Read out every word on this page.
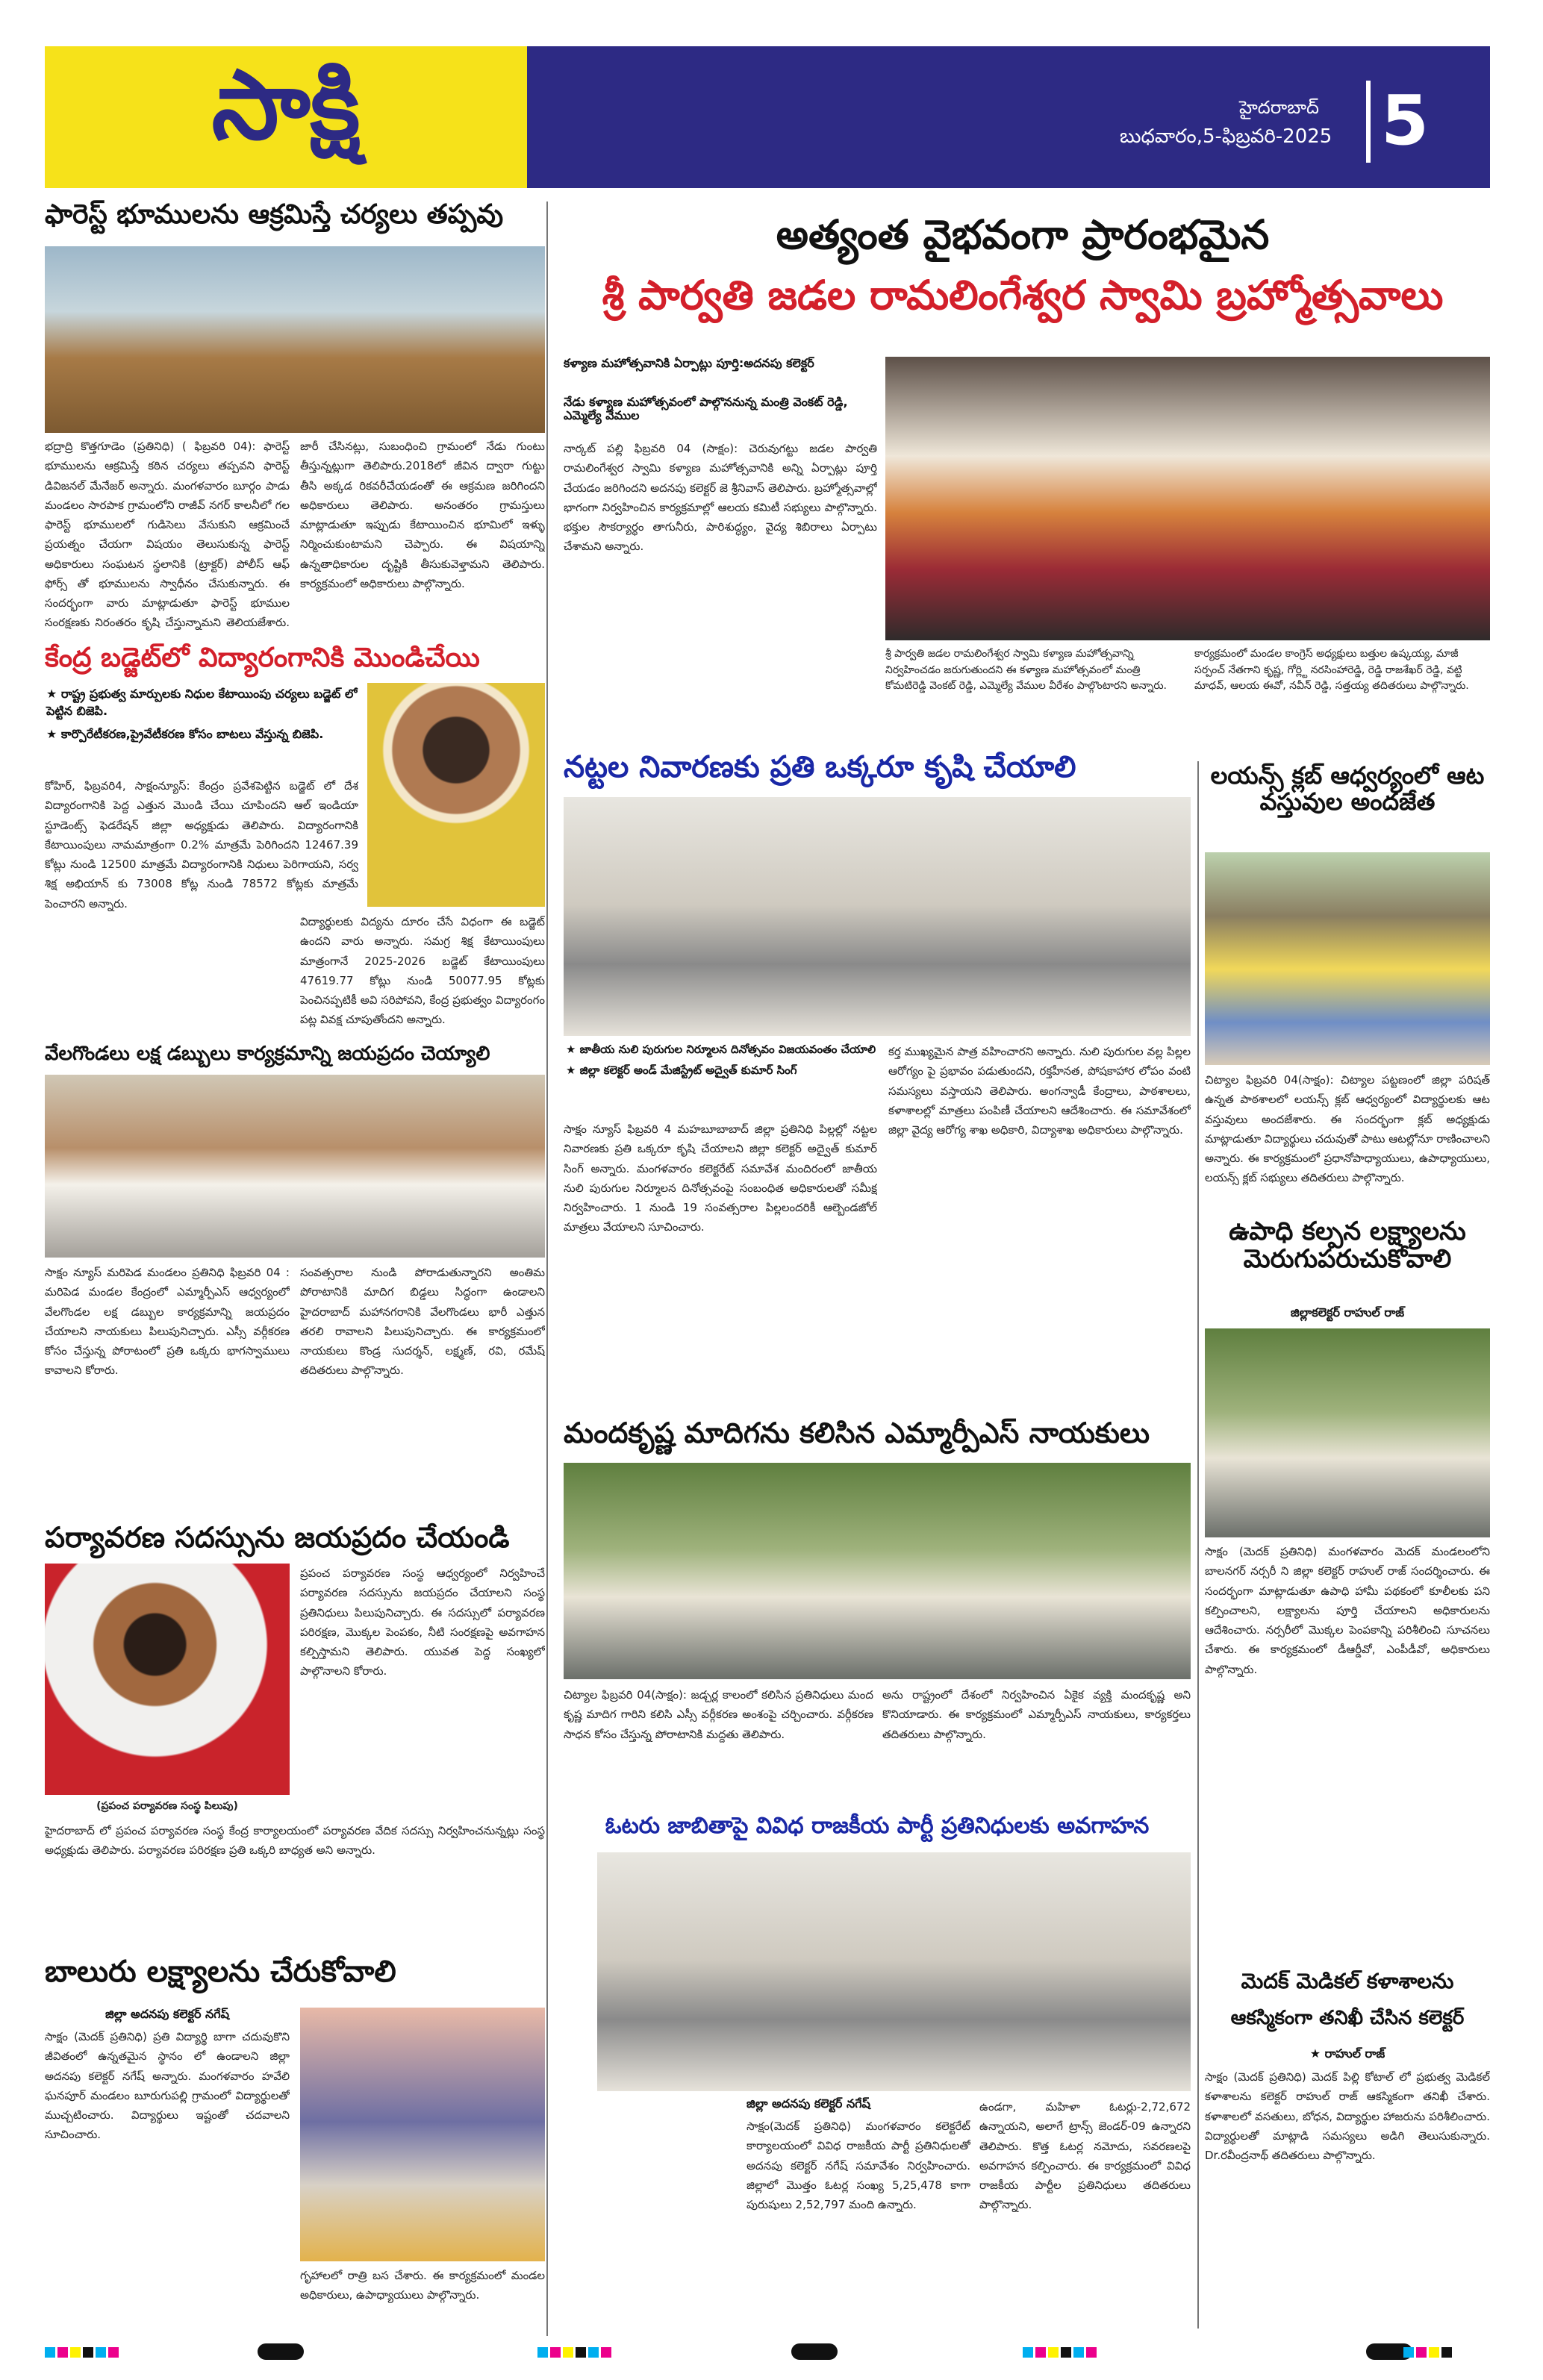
సాక్షి	హైదరాబాద్
బుధవారం,5-ఫిబ్రవరి-2025 5
ఫారెస్ట్ భూములను ఆక్రమిస్తే చర్యలు తప్పవు
భద్రాద్రి కొత్తగూడెం (ప్రతినిధి) ( ఫిబ్రవరి 04): ఫారెస్ట్ భూములను ఆక్రమిస్తే కఠిన చర్యలు తప్పవని ఫారెస్ట్ డివిజనల్ మేనేజర్ అన్నారు. మంగళవారం బూర్గం పాడు మండలం సారపాక గ్రామంలోని రాజీవ్ నగర్ కాలనీలో గల ఫారెస్ట్ భూములలో గుడిసెలు వేసుకుని ఆక్రమించే ప్రయత్నం చేయగా విషయం తెలుసుకున్న ఫారెస్ట్ అధికారులు సంఘటన స్థలానికి (ట్రాక్టర్) పోలీస్ ఆఫ్ ఫోర్స్ తో భూములను స్వాధీనం చేసుకున్నారు. ఈ సందర్భంగా వారు మాట్లాడుతూ ఫారెస్ట్ భూముల సంరక్షణకు నిరంతరం కృషి చేస్తున్నామని తెలియజేశారు.
జారీ చేసినట్లు, సుబంధించి గ్రామంలో నేడు గుంటు తీస్తున్నట్లుగా తెలిపారు.2018లో జీవిన ద్వారా గుట్టు తీసి అక్కడ రికవరీచేయడంతో ఈ ఆక్రమణ జరిగిందని అధికారులు తెలిపారు. అనంతరం గ్రామస్తులు మాట్లాడుతూ ఇప్పుడు కేటాయించిన భూమిలో ఇళ్ళు నిర్మించుకుంటామని చెప్పారు. ఈ విషయాన్ని ఉన్నతాధికారుల దృష్టికి తీసుకువెళ్తామని తెలిపారు. కార్యక్రమంలో అధికారులు పాల్గొన్నారు.
కేంద్ర బడ్జెట్‌లో విద్యారంగానికి మొండిచేయి
★ రాష్ట్ర ప్రభుత్వ మార్పులకు నిధుల కేటాయింపు చర్యలు బడ్జెట్ లో పెట్టిన బిజెపి.
★ కార్పొరేటీకరణ,ప్రైవేటీకరణ కోసం బాటలు వేస్తున్న బిజెపి.
కోహిర్, ఫిబ్రవరి4, సాక్షంన్యూస్: కేంద్రం ప్రవేశపెట్టిన బడ్జెట్ లో దేశ విద్యారంగానికి పెద్ద ఎత్తున మొండి చేయి చూపిందని ఆల్ ఇండియా స్టూడెంట్స్ ఫెడరేషన్ జిల్లా అధ్యక్షుడు తెలిపారు. విద్యారంగానికి కేటాయింపులు నామమాత్రంగా 0.2% మాత్రమే పెరిగిందని 12467.39 కోట్లు నుండి 12500 మాత్రమే విద్యారంగానికి నిధులు పెరిగాయని, సర్వ శిక్ష అభియాన్ కు 73008 కోట్ల నుండి 78572 కోట్లకు మాత్రమే పెంచారని అన్నారు.
విద్యార్థులకు విద్యను దూరం చేసే విధంగా ఈ బడ్జెట్ ఉందని వారు అన్నారు. సమగ్ర శిక్ష కేటాయింపులు మాత్రంగానే 2025-2026 బడ్జెట్ కేటాయింపులు 47619.77 కోట్లు నుండి 50077.95 కోట్లకు పెంచినప్పటికీ అవి సరిపోవని, కేంద్ర ప్రభుత్వం విద్యారంగం పట్ల వివక్ష చూపుతోందని అన్నారు.
వేలగొండలు లక్ష డబ్బులు కార్యక్రమాన్ని జయప్రదం చెయ్యాలి
సాక్షం న్యూస్ మరిపెడ మండలం ప్రతినిధి ఫిబ్రవరి 04 : మరిపెడ మండల కేంద్రంలో ఎమ్మార్పీఎస్ ఆధ్వర్యంలో వేలగొండల లక్ష డబ్బుల కార్యక్రమాన్ని జయప్రదం చేయాలని నాయకులు పిలుపునిచ్చారు. ఎస్సీ వర్గీకరణ కోసం చేస్తున్న పోరాటంలో ప్రతి ఒక్కరు భాగస్వాములు కావాలని కోరారు.
సంవత్సరాల నుండి పోరాడుతున్నారని అంతిమ పోరాటానికి మాదిగ బిడ్డలు సిద్ధంగా ఉండాలని హైదరాబాద్ మహానగరానికి వేలగొండలు భారీ ఎత్తున తరలి రావాలని పిలుపునిచ్చారు. ఈ కార్యక్రమంలో నాయకులు కొండ్ర సుదర్శన్, లక్ష్మణ్, రవి, రమేష్ తదితరులు పాల్గొన్నారు.
పర్యావరణ సదస్సును జయప్రదం చేయండి
(ప్రపంచ పర్యావరణ సంస్థ పిలుపు)
ప్రపంచ పర్యావరణ సంస్థ ఆధ్వర్యంలో నిర్వహించే పర్యావరణ సదస్సును జయప్రదం చేయాలని సంస్థ ప్రతినిధులు పిలుపునిచ్చారు. ఈ సదస్సులో పర్యావరణ పరిరక్షణ, మొక్కల పెంపకం, నీటి సంరక్షణపై అవగాహన కల్పిస్తామని తెలిపారు. యువత పెద్ద సంఖ్యలో పాల్గొనాలని కోరారు.
హైదరాబాద్ లో ప్రపంచ పర్యావరణ సంస్థ కేంద్ర కార్యాలయంలో పర్యావరణ వేదిక సదస్సు నిర్వహించనున్నట్లు సంస్థ అధ్యక్షుడు తెలిపారు. పర్యావరణ పరిరక్షణ ప్రతి ఒక్కరి బాధ్యత అని అన్నారు.
బాలురు లక్ష్యాలను చేరుకోవాలి
జిల్లా అదనపు కలెక్టర్ నగేష్
సాక్షం (మెదక్ ప్రతినిధి) ప్రతి విద్యార్థి బాగా చదువుకొని జీవితంలో ఉన్నతమైన స్థానం లో ఉండాలని జిల్లా అదనపు కలెక్టర్ నగేష్ అన్నారు. మంగళవారం హవేలి ఘనపూర్ మండలం బూరుగుపల్లి గ్రామంలో విద్యార్థులతో ముచ్చటించారు. విద్యార్థులు ఇష్టంతో చదవాలని సూచించారు.
గృహాలలో రాత్రి బస చేశారు. ఈ కార్యక్రమంలో మండల అధికారులు, ఉపాధ్యాయులు పాల్గొన్నారు.
అత్యంత వైభవంగా ప్రారంభమైన
శ్రీ పార్వతి జడల రామలింగేశ్వర స్వామి బ్రహ్మోత్సవాలు
కళ్యాణ మహోత్సవానికి ఏర్పాట్లు పూర్తి:అదనపు కలెక్టర్
నేడు కళ్యాణ మహోత్సవంలో పాల్గొననున్న మంత్రి వెంకట్ రెడ్డి, ఎమ్మెల్యే వేముల
నార్కట్ పల్లి ఫిబ్రవరి 04 (సాక్షం): చెరువుగట్టు జడల పార్వతి రామలింగేశ్వర స్వామి కళ్యాణ మహోత్సవానికి అన్ని ఏర్పాట్లు పూర్తి చేయడం జరిగిందని అదనపు కలెక్టర్ జె శ్రీనివాస్ తెలిపారు. బ్రహ్మోత్సవాల్లో భాగంగా నిర్వహించిన కార్యక్రమాల్లో ఆలయ కమిటీ సభ్యులు పాల్గొన్నారు. భక్తుల సౌకర్యార్థం తాగునీరు, పారిశుద్ధ్యం, వైద్య శిబిరాలు ఏర్పాటు చేశామని అన్నారు.
శ్రీ పార్వతి జడల రామలింగేశ్వర స్వామి కళ్యాణ మహోత్సవాన్ని నిర్వహించడం జరుగుతుందని ఈ కళ్యాణ మహోత్సవంలో మంత్రి కోమటిరెడ్డి వెంకట్ రెడ్డి, ఎమ్మెల్యే వేముల వీరేశం పాల్గొంటారని అన్నారు.
కార్యక్రమంలో మండల కాంగ్రెస్ అధ్యక్షులు బత్తుల ఉష్కయ్య, మాజీ సర్పంచ్ నేతగాని కృష్ణ, గోర్ల్టి నరసింహారెడ్డి, రెడ్డి రాజశేఖర్ రెడ్డి, వట్టి మాధవ్, ఆలయ ఈవో, నవీన్ రెడ్డి, సత్తయ్య తదితరులు పాల్గొన్నారు.
నట్టల నివారణకు ప్రతి ఒక్కరూ కృషి చేయాలి
★ జాతీయ నులి పురుగుల నిర్మూలన దినోత్సవం విజయవంతం చేయాలి
★ జిల్లా కలెక్టర్ అండ్ మేజిస్ట్రేట్ అద్వైత్ కుమార్ సింగ్
సాక్షం న్యూస్ ఫిబ్రవరి 4 మహబూబాబాద్ జిల్లా ప్రతినిధి పిల్లల్లో నట్టల నివారణకు ప్రతి ఒక్కరూ కృషి చేయాలని జిల్లా కలెక్టర్ అద్వైత్ కుమార్ సింగ్ అన్నారు. మంగళవారం కలెక్టరేట్ సమావేశ మందిరంలో జాతీయ నులి పురుగుల నిర్మూలన దినోత్సవంపై సంబంధిత అధికారులతో సమీక్ష నిర్వహించారు. 1 నుండి 19 సంవత్సరాల పిల్లలందరికీ ఆల్బెండజోల్ మాత్రలు వేయాలని సూచించారు.
కర్త ముఖ్యమైన పాత్ర వహించారని అన్నారు. నులి పురుగుల వల్ల పిల్లల ఆరోగ్యం పై ప్రభావం పడుతుందని, రక్తహీనత, పోషకాహార లోపం వంటి సమస్యలు వస్తాయని తెలిపారు. అంగన్వాడీ కేంద్రాలు, పాఠశాలలు, కళాశాలల్లో మాత్రలు పంపిణీ చేయాలని ఆదేశించారు. ఈ సమావేశంలో జిల్లా వైద్య ఆరోగ్య శాఖ అధికారి, విద్యాశాఖ అధికారులు పాల్గొన్నారు.
మందకృష్ణ మాదిగను కలిసిన ఎమ్మార్పీఎస్ నాయకులు
చిట్యాల ఫిబ్రవరి 04(సాక్షం): జడ్చర్ల కాలంలో కలిసిన ప్రతినిధులు మంద కృష్ణ మాదిగ గారిని కలిసి ఎస్సీ వర్గీకరణ అంశంపై చర్చించారు. వర్గీకరణ సాధన కోసం చేస్తున్న పోరాటానికి మద్దతు తెలిపారు.
అను రాష్ట్రంలో దేశంలో నిర్వహించిన ఏకైక వ్యక్తి మందకృష్ణ అని కొనియాడారు. ఈ కార్యక్రమంలో ఎమ్మార్పీఎస్ నాయకులు, కార్యకర్తలు తదితరులు పాల్గొన్నారు.
ఓటరు జాబితాపై వివిధ రాజకీయ పార్టీ ప్రతినిధులకు అవగాహన
జిల్లా అదనపు కలెక్టర్ నగేష్
సాక్షం(మెదక్ ప్రతినిధి) మంగళవారం కలెక్టరేట్ కార్యాలయంలో వివిధ రాజకీయ పార్టీ ప్రతినిధులతో అదనపు కలెక్టర్ నగేష్ సమావేశం నిర్వహించారు. జిల్లాలో మొత్తం ఓటర్ల సంఖ్య 5,25,478 కాగా పురుషులు 2,52,797 మంది ఉన్నారు.
ఉండగా, మహిళా ఓటర్లు-2,72,672 ఉన్నాయని, అలాగే ట్రాన్స్ జెండర్-09 ఉన్నారని తెలిపారు. కొత్త ఓటర్ల నమోదు, సవరణలపై అవగాహన కల్పించారు. ఈ కార్యక్రమంలో వివిధ రాజకీయ పార్టీల ప్రతినిధులు తదితరులు పాల్గొన్నారు.
లయన్స్ క్లబ్ ఆధ్వర్యంలో ఆట వస్తువుల అందజేత
చిట్యాల ఫిబ్రవరి 04(సాక్షం): చిట్యాల పట్టణంలో జిల్లా పరిషత్ ఉన్నత పాఠశాలలో లయన్స్ క్లబ్ ఆధ్వర్యంలో విద్యార్థులకు ఆట వస్తువులు అందజేశారు. ఈ సందర్భంగా క్లబ్ అధ్యక్షుడు మాట్లాడుతూ విద్యార్థులు చదువుతో పాటు ఆటల్లోనూ రాణించాలని అన్నారు. ఈ కార్యక్రమంలో ప్రధానోపాధ్యాయులు, ఉపాధ్యాయులు, లయన్స్ క్లబ్ సభ్యులు తదితరులు పాల్గొన్నారు.
ఉపాధి కల్పన లక్ష్యాలను మెరుగుపరుచుకోవాలి
జిల్లాకలెక్టర్ రాహుల్ రాజ్
సాక్షం (మెదక్ ప్రతినిధి) మంగళవారం మెదక్ మండలంలోని బాలనగర్ నర్సరీ ని జిల్లా కలెక్టర్ రాహుల్ రాజ్ సందర్శించారు. ఈ సందర్భంగా మాట్లాడుతూ ఉపాధి హామీ పథకంలో కూలీలకు పని కల్పించాలని, లక్ష్యాలను పూర్తి చేయాలని అధికారులను ఆదేశించారు. నర్సరీలో మొక్కల పెంపకాన్ని పరిశీలించి సూచనలు చేశారు. ఈ కార్యక్రమంలో డీఆర్డీవో, ఎంపీడీవో, అధికారులు పాల్గొన్నారు.
మెదక్ మెడికల్ కళాశాలను
ఆకస్మికంగా తనిఖీ చేసిన కలెక్టర్
★ రాహుల్ రాజ్
సాక్షం (మెదక్ ప్రతినిధి) మెదక్ పిల్లి కోటాల్ లో ప్రభుత్వ మెడికల్ కళాశాలను కలెక్టర్ రాహుల్ రాజ్ ఆకస్మికంగా తనిఖీ చేశారు. కళాశాలలో వసతులు, బోధన, విద్యార్థుల హాజరును పరిశీలించారు. విద్యార్థులతో మాట్లాడి సమస్యలు అడిగి తెలుసుకున్నారు. Dr.రవీంద్రనాథ్ తదితరులు పాల్గొన్నారు.
